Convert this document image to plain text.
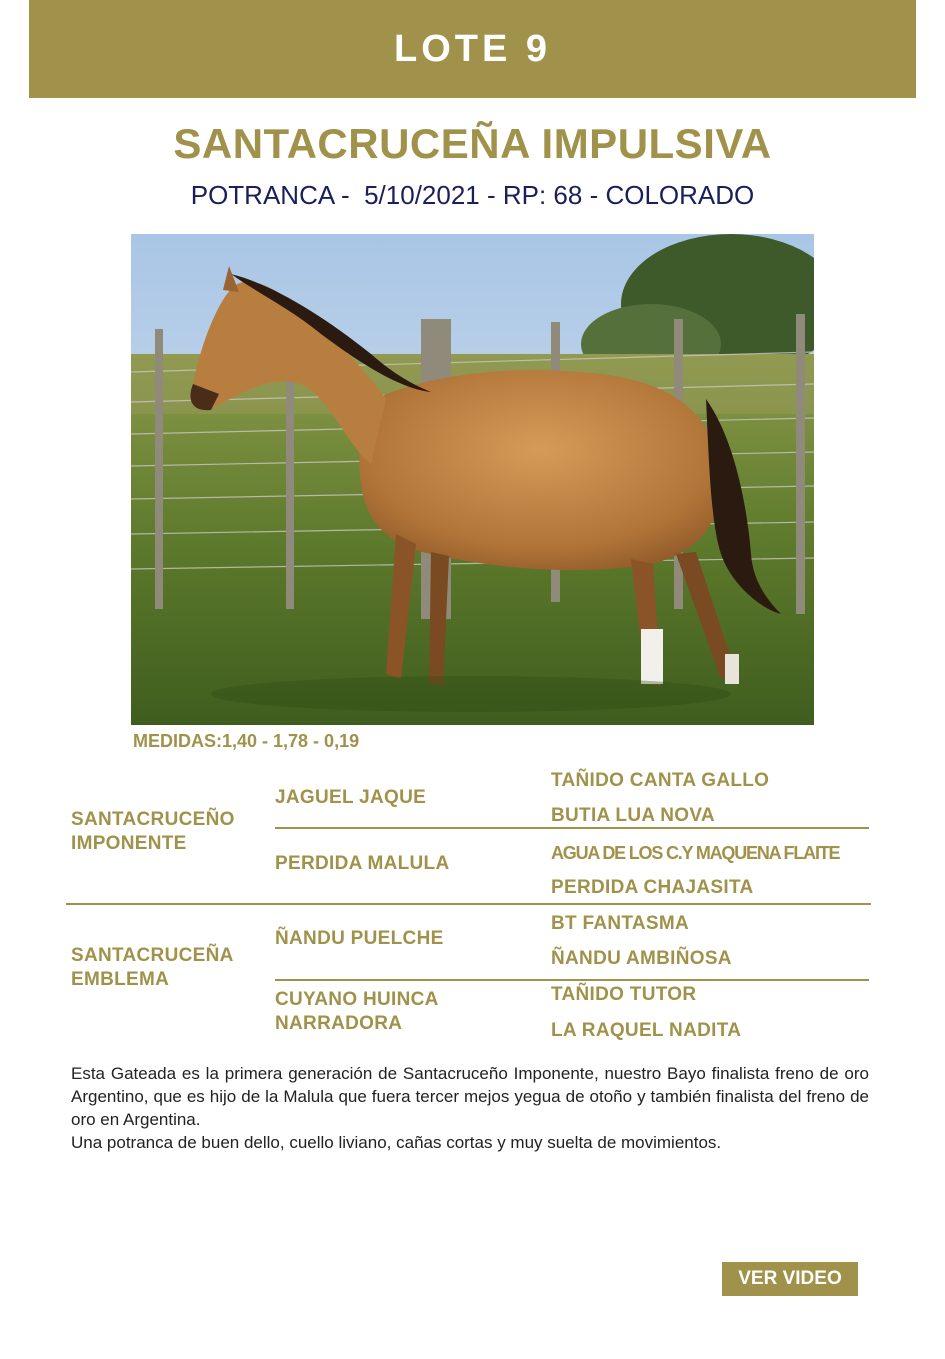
LOTE 9
SANTACRUCEÑA IMPULSIVA
POTRANCA -  5/10/2021 - RP: 68 - COLORADO
MEDIDAS:1,40 - 1,78 - 0,19
SANTACRUCEÑO
IMPONENTE
SANTACRUCEÑA
EMBLEMA
JAGUEL JAQUE
PERDIDA MALULA
ÑANDU PUELCHE
CUYANO HUINCA
NARRADORA
TAÑIDO CANTA GALLO
BUTIA LUA NOVA
AGUA DE LOS C.Y MAQUENA FLAITE
PERDIDA CHAJASITA
BT FANTASMA
ÑANDU AMBIÑOSA
TAÑIDO TUTOR
LA RAQUEL NADITA

Esta Gateada es la primera generación de Santacruceño Imponente, nuestro Bayo finalista freno de oro Argentino, que es hijo de la Malula que fuera tercer mejos yegua de otoño y también finalista del freno de oro en Argentina.

Una potranca de buen dello, cuello liviano, cañas cortas y muy suelta de movimientos.

VER VIDEO
